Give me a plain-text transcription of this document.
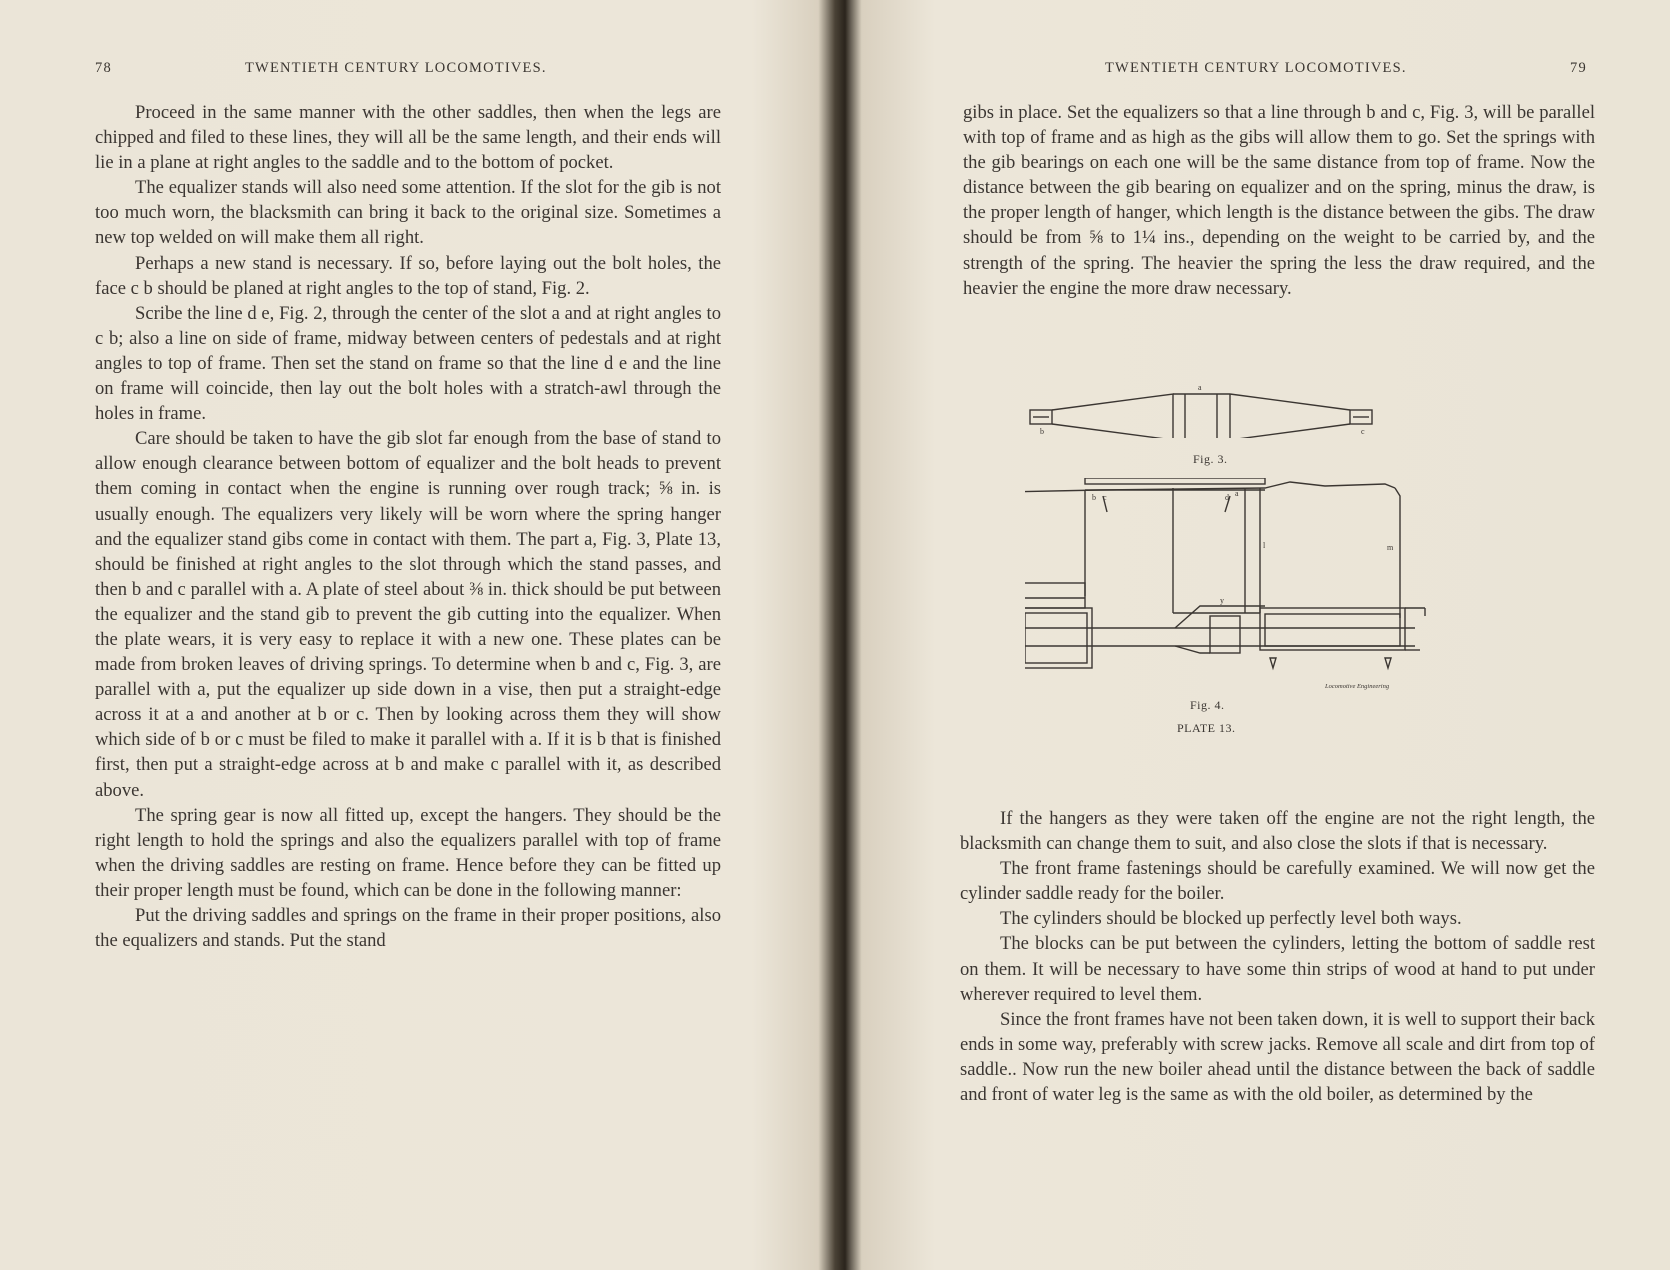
78	TWENTIETH CENTURY LOCOMOTIVES.

Proceed in the same manner with the other saddles, then when the legs are chipped and filed to these lines, they will all be the same length, and their ends will lie in a plane at right angles to the saddle and to the bottom of pocket.

The equalizer stands will also need some attention. If the slot for the gib is not too much worn, the blacksmith can bring it back to the original size. Sometimes a new top welded on will make them all right.

Perhaps a new stand is necessary. If so, before laying out the bolt holes, the face c b should be planed at right angles to the top of stand, Fig. 2.

Scribe the line d e, Fig. 2, through the center of the slot a and at right angles to c b; also a line on side of frame, midway between centers of pedestals and at right angles to top of frame. Then set the stand on frame so that the line d e and the line on frame will coincide, then lay out the bolt holes with a stratch-awl through the holes in frame.

Care should be taken to have the gib slot far enough from the base of stand to allow enough clearance between bottom of equalizer and the bolt heads to prevent them coming in contact when the engine is running over rough track; ⅝ in. is usually enough. The equalizers very likely will be worn where the spring hanger and the equalizer stand gibs come in contact with them. The part a, Fig. 3, Plate 13, should be finished at right angles to the slot through which the stand passes, and then b and c parallel with a. A plate of steel about ⅜ in. thick should be put between the equalizer and the stand gib to prevent the gib cutting into the equalizer. When the plate wears, it is very easy to replace it with a new one. These plates can be made from broken leaves of driving springs. To determine when b and c, Fig. 3, are parallel with a, put the equalizer up side down in a vise, then put a straight-edge across it at a and another at b or c. Then by looking across them they will show which side of b or c must be filed to make it parallel with a. If it is b that is finished first, then put a straight-edge across at b and make c parallel with it, as described above.

The spring gear is now all fitted up, except the hangers. They should be the right length to hold the springs and also the equalizers parallel with top of frame when the driving saddles are resting on frame. Hence before they can be fitted up their proper length must be found, which can be done in the following manner:

Put the driving saddles and springs on the frame in their proper positions, also the equalizers and stands. Put the stand

TWENTIETH CENTURY LOCOMOTIVES.	79

gibs in place. Set the equalizers so that a line through b and c, Fig. 3, will be parallel with top of frame and as high as the gibs will allow them to go. Set the springs with the gib bearings on each one will be the same distance from top of frame. Now the distance between the gib bearing on equalizer and on the spring, minus the draw, is the proper length of hanger, which length is the distance between the gibs. The draw should be from ⅝ to 1¼ ins., depending on the weight to be carried by, and the strength of the spring. The heavier the spring the less the draw required, and the heavier the engine the more draw necessary.

a
b	c
Fig. 3.
b c	d a
l	m
y
Locomotive Engineering
Fig. 4.
PLATE 13.

If the hangers as they were taken off the engine are not the right length, the blacksmith can change them to suit, and also close the slots if that is necessary.

The front frame fastenings should be carefully examined. We will now get the cylinder saddle ready for the boiler.

The cylinders should be blocked up perfectly level both ways.

The blocks can be put between the cylinders, letting the bottom of saddle rest on them. It will be necessary to have some thin strips of wood at hand to put under wherever required to level them.

Since the front frames have not been taken down, it is well to support their back ends in some way, preferably with screw jacks. Remove all scale and dirt from top of saddle.. Now run the new boiler ahead until the distance between the back of saddle and front of water leg is the same as with the old boiler, as determined by the
